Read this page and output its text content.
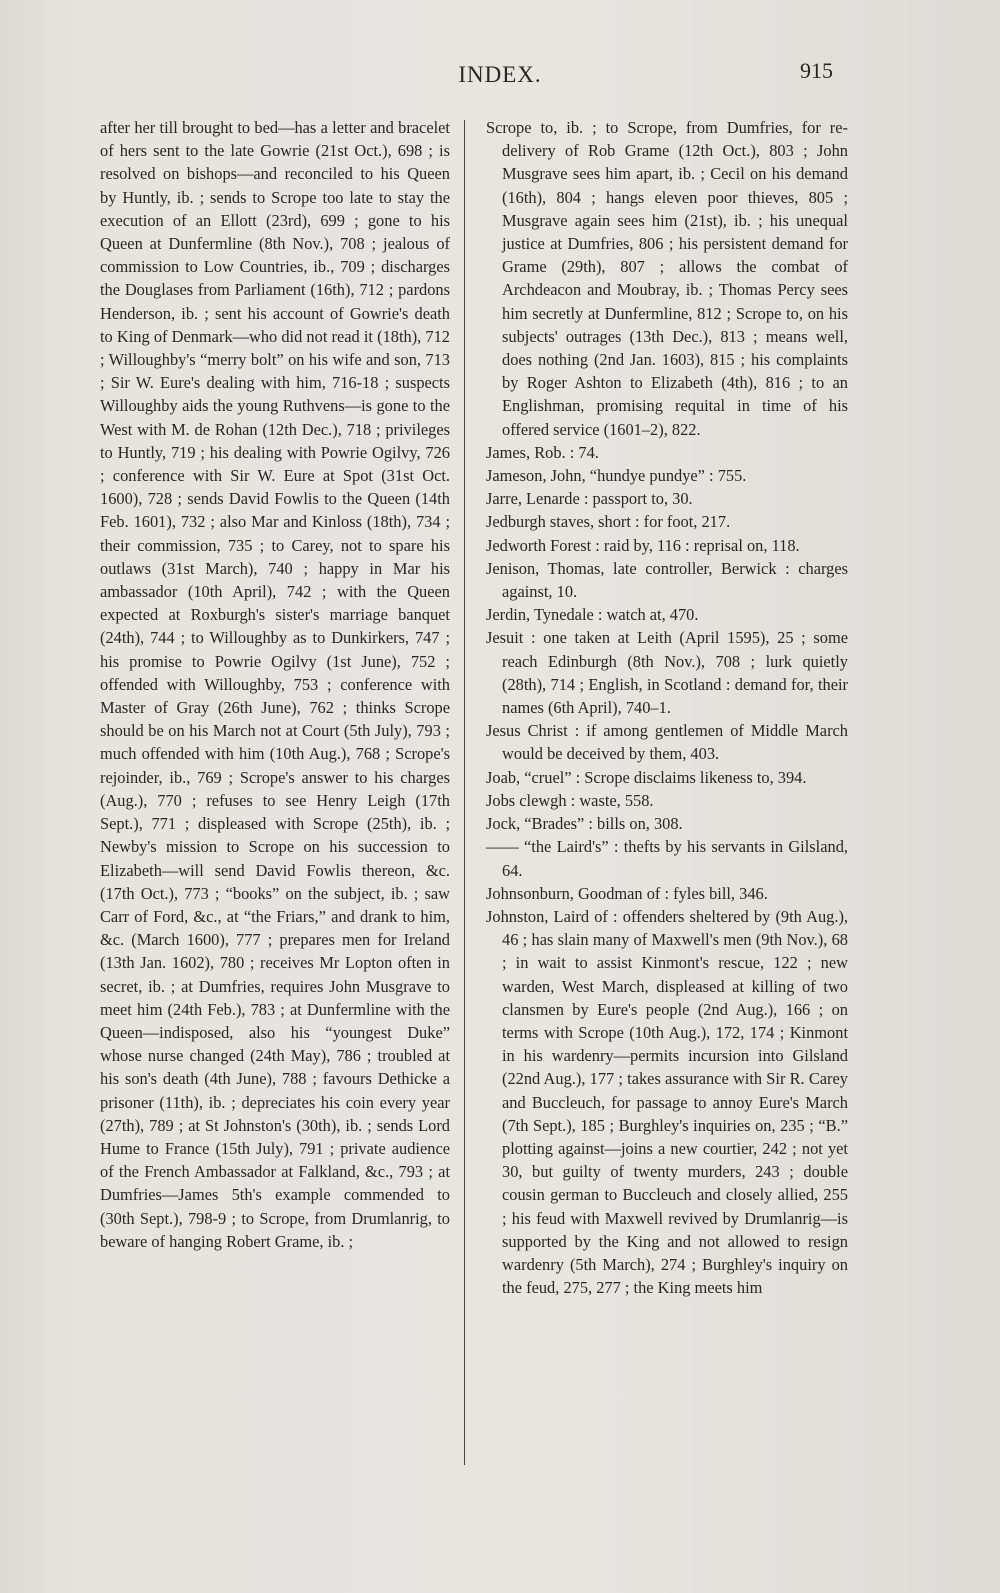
INDEX.	915

after her till brought to bed—has a letter and bracelet of hers sent to the late Gowrie (21st Oct.), 698 ; is resolved on bishops—and reconciled to his Queen by Huntly, ib. ; sends to Scrope too late to stay the execution of an Ellott (23rd), 699 ; gone to his Queen at Dunfermline (8th Nov.), 708 ; jealous of commission to Low Countries, ib., 709 ; discharges the Douglases from Parliament (16th), 712 ; pardons Henderson, ib. ; sent his account of Gowrie's death to King of Denmark—who did not read it (18th), 712 ; Willoughby's “merry bolt” on his wife and son, 713 ; Sir W. Eure's dealing with him, 716-18 ; suspects Willoughby aids the young Ruthvens—is gone to the West with M. de Rohan (12th Dec.), 718 ; privileges to Huntly, 719 ; his dealing with Powrie Ogilvy, 726 ; conference with Sir W. Eure at Spot (31st Oct. 1600), 728 ; sends David Fowlis to the Queen (14th Feb. 1601), 732 ; also Mar and Kinloss (18th), 734 ; their commission, 735 ; to Carey, not to spare his outlaws (31st March), 740 ; happy in Mar his ambassador (10th April), 742 ; with the Queen expected at Roxburgh's sister's marriage banquet (24th), 744 ; to Willoughby as to Dunkirkers, 747 ; his promise to Powrie Ogilvy (1st June), 752 ; offended with Willoughby, 753 ; conference with Master of Gray (26th June), 762 ; thinks Scrope should be on his March not at Court (5th July), 793 ; much offended with him (10th Aug.), 768 ; Scrope's rejoinder, ib., 769 ; Scrope's answer to his charges (Aug.), 770 ; refuses to see Henry Leigh (17th Sept.), 771 ; displeased with Scrope (25th), ib. ; Newby's mission to Scrope on his succession to Elizabeth—will send David Fowlis thereon, &c. (17th Oct.), 773 ; “books” on the subject, ib. ; saw Carr of Ford, &c., at “the Friars,” and drank to him, &c. (March 1600), 777 ; prepares men for Ireland (13th Jan. 1602), 780 ; receives Mr Lopton often in secret, ib. ; at Dumfries, requires John Musgrave to meet him (24th Feb.), 783 ; at Dunfermline with the Queen—indisposed, also his “youngest Duke” whose nurse changed (24th May), 786 ; troubled at his son's death (4th June), 788 ; favours Dethicke a prisoner (11th), ib. ; depreciates his coin every year (27th), 789 ; at St Johnston's (30th), ib. ; sends Lord Hume to France (15th July), 791 ; private audience of the French Ambassador at Falkland, &c., 793 ; at Dumfries—James 5th's example commended to (30th Sept.), 798-9 ; to Scrope, from Drumlanrig, to beware of hanging Robert Grame, ib. ;

Scrope to, ib. ; to Scrope, from Dumfries, for re-delivery of Rob Grame (12th Oct.), 803 ; John Musgrave sees him apart, ib. ; Cecil on his demand (16th), 804 ; hangs eleven poor thieves, 805 ; Musgrave again sees him (21st), ib. ; his unequal justice at Dumfries, 806 ; his persistent demand for Grame (29th), 807 ; allows the combat of Archdeacon and Moubray, ib. ; Thomas Percy sees him secretly at Dunfermline, 812 ; Scrope to, on his subjects' outrages (13th Dec.), 813 ; means well, does nothing (2nd Jan. 1603), 815 ; his complaints by Roger Ashton to Elizabeth (4th), 816 ; to an Englishman, promising requital in time of his offered service (1601–2), 822.

James, Rob. : 74.

Jameson, John, “hundye pundye” : 755.

Jarre, Lenarde : passport to, 30.

Jedburgh staves, short : for foot, 217.

Jedworth Forest : raid by, 116 : reprisal on, 118.

Jenison, Thomas, late controller, Berwick : charges against, 10.

Jerdin, Tynedale : watch at, 470.

Jesuit : one taken at Leith (April 1595), 25 ; some reach Edinburgh (8th Nov.), 708 ; lurk quietly (28th), 714 ; English, in Scotland : demand for, their names (6th April), 740–1.

Jesus Christ : if among gentlemen of Middle March would be deceived by them, 403.

Joab, “cruel” : Scrope disclaims likeness to, 394.

Jobs clewgh : waste, 558.

Jock, “Brades” : bills on, 308.

—— “the Laird's” : thefts by his servants in Gilsland, 64.

Johnsonburn, Goodman of : fyles bill, 346.

Johnston, Laird of : offenders sheltered by (9th Aug.), 46 ; has slain many of Maxwell's men (9th Nov.), 68 ; in wait to assist Kinmont's rescue, 122 ; new warden, West March, displeased at killing of two clansmen by Eure's people (2nd Aug.), 166 ; on terms with Scrope (10th Aug.), 172, 174 ; Kinmont in his wardenry—permits incursion into Gilsland (22nd Aug.), 177 ; takes assurance with Sir R. Carey and Buccleuch, for passage to annoy Eure's March (7th Sept.), 185 ; Burghley's inquiries on, 235 ; “B.” plotting against—joins a new courtier, 242 ; not yet 30, but guilty of twenty murders, 243 ; double cousin german to Buccleuch and closely allied, 255 ; his feud with Maxwell revived by Drumlanrig—is supported by the King and not allowed to resign wardenry (5th March), 274 ; Burghley's inquiry on the feud, 275, 277 ; the King meets him
